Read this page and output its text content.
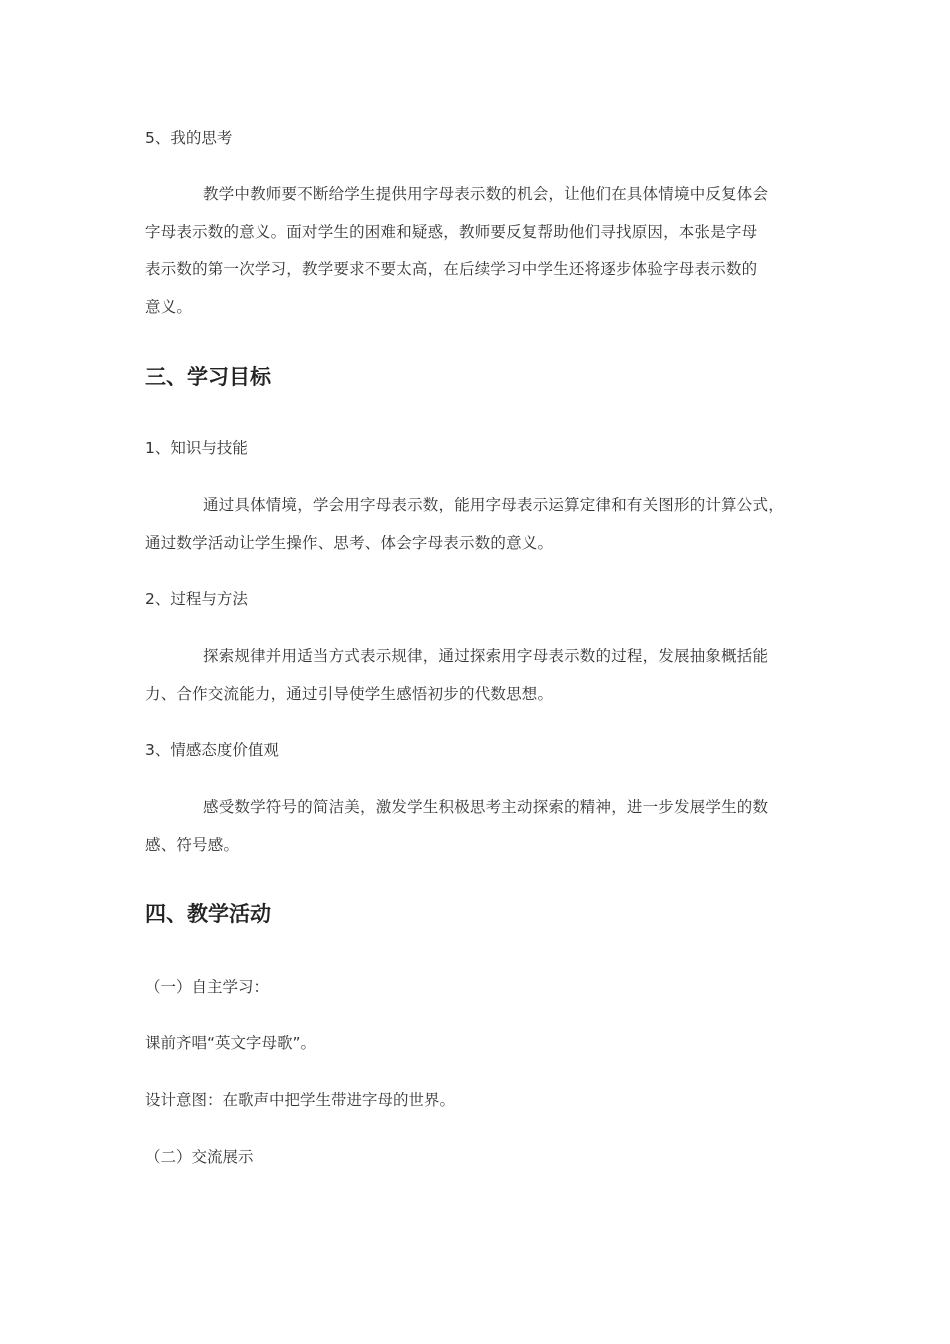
5、我的思考
教学中教师要不断给学生提供用字母表示数的机会，让他们在具体情境中反复体会
字母表示数的意义。面对学生的困难和疑惑，教师要反复帮助他们寻找原因，本张是字母
表示数的第一次学习，教学要求不要太高，在后续学习中学生还将逐步体验字母表示数的
意义。
三、学习目标
1、知识与技能
通过具体情境，学会用字母表示数，能用字母表示运算定律和有关图形的计算公式，
通过数学活动让学生操作、思考、体会字母表示数的意义。
2、过程与方法
探索规律并用适当方式表示规律，通过探索用字母表示数的过程，发展抽象概括能
力、合作交流能力，通过引导使学生感悟初步的代数思想。
3、情感态度价值观
感受数学符号的简洁美，激发学生积极思考主动探索的精神，进一步发展学生的数
感、符号感。
四、教学活动
（一）自主学习：
课前齐唱“英文字母歌”。
设计意图：在歌声中把学生带进字母的世界。
（二）交流展示
